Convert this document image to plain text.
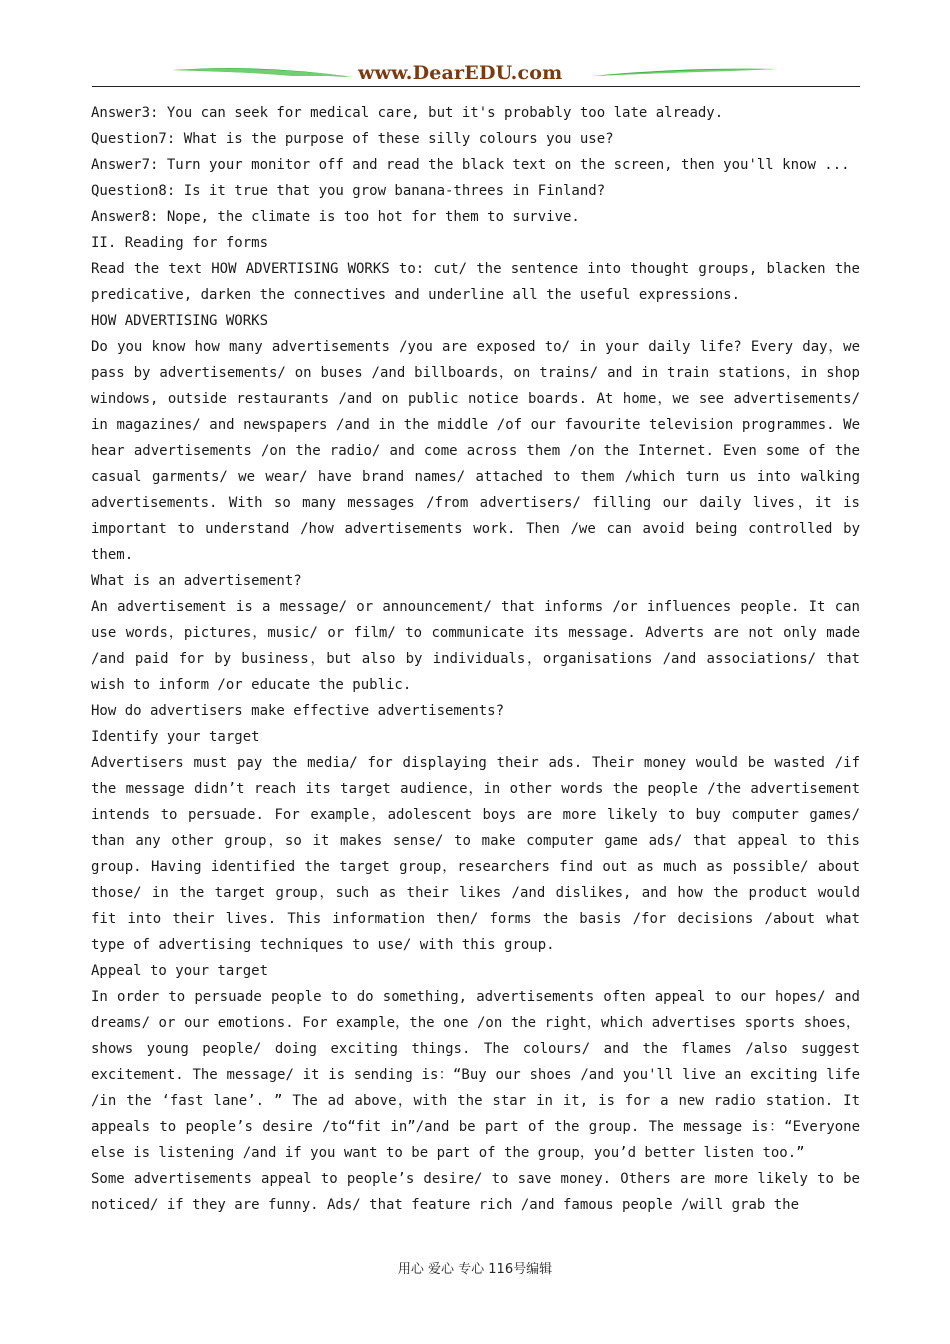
www.DearEDU.com

Answer3: You can seek for medical care, but it's probably too late already.

Question7: What is the purpose of these silly colours you use?

Answer7: Turn your monitor off and read the black text on the screen, then you'll know ...

Question8: Is it true that you grow banana-threes in Finland?

Answer8: Nope, the climate is too hot for them to survive.

II. Reading for forms

Read the text HOW ADVERTISING WORKS to: cut/ the sentence into thought groups, blacken the predicative, darken the connectives and underline all the useful expressions.

HOW ADVERTISING WORKS

Do you know how many advertisements /you are exposed to/ in your daily life? Every day，we pass by advertisements/ on buses /and billboards，on trains/ and in train stations，in shop windows, outside restaurants /and on public notice boards. At home，we see advertisements/ in magazines/ and newspapers /and in the middle /of our favourite television programmes. We hear advertisements /on the radio/ and come across them /on the Internet. Even some of the casual garments/ we wear/ have brand names/ attached to them /which turn us into walking advertisements. With so many messages /from advertisers/ filling our daily lives，it is important to understand /how advertisements work. Then /we can avoid being controlled by them.

What is an advertisement?

An advertisement is a message/ or announcement/ that informs /or influences people. It can use words，pictures，music/ or film/ to communicate its message. Adverts are not only made /and paid for by business，but also by individuals，organisations /and associations/ that wish to inform /or educate the public.

How do advertisers make effective advertisements?

Identify your target

Advertisers must pay the media/ for displaying their ads. Their money would be wasted /if the message didn’t reach its target audience，in other words the people /the advertisement intends to persuade. For example，adolescent boys are more likely to buy computer games/ than any other group，so it makes sense/ to make computer game ads/ that appeal to this group. Having identified the target group，researchers find out as much as possible/ about those/ in the target group，such as their likes /and dislikes, and how the product would fit into their lives. This information then/ forms the basis /for decisions /about what type of advertising techniques to use/ with this group.

Appeal to your target

In order to persuade people to do something, advertisements often appeal to our hopes/ and dreams/ or our emotions. For example，the one /on the right，which advertises sports shoes，shows young people/ doing exciting things. The colours/ and the flames /also suggest excitement. The message/ it is sending is：“Buy our shoes /and you'll live an exciting life /in the ‘fast lane’. ” The ad above，with the star in it, is for a new radio station. It appeals to people’s desire /to“fit in”/and be part of the group. The message is：“Everyone else is listening /and if you want to be part of the group，you’d better listen too.”

Some advertisements appeal to people’s desire/ to save money. Others are more likely to be noticed/ if they are funny. Ads/ that feature rich /and famous people /will grab the

用心 爱心 专心 116号编辑
